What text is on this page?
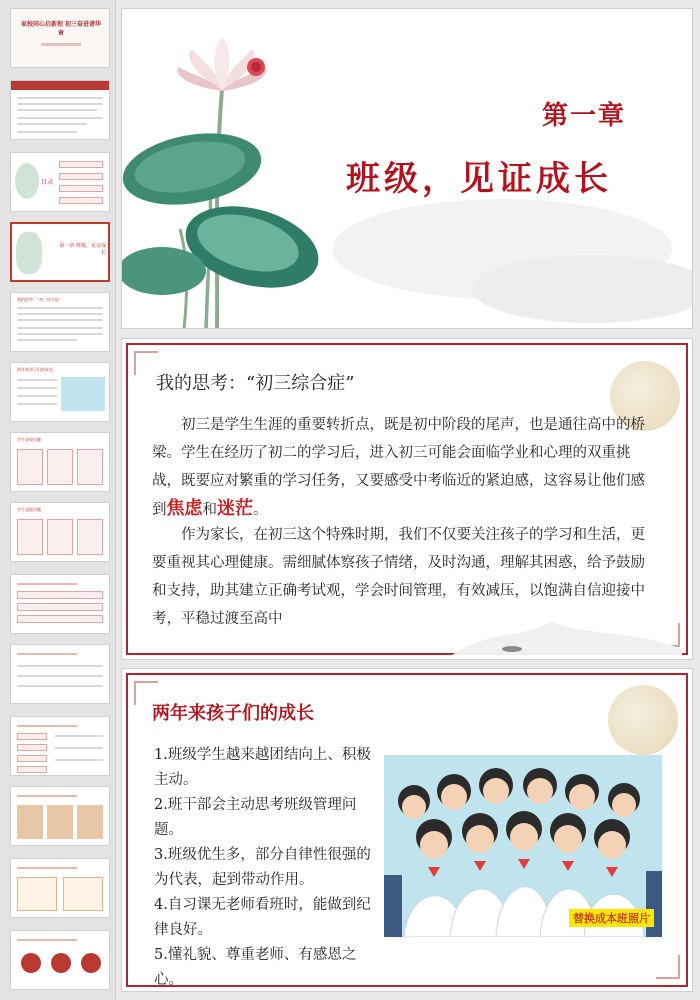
家校同心启新程 初三奋进谱华章
目录
第一章 班级，见证成长
我的思考：“初三综合症”
两年来孩子们的成长
学生表现问题
学生表现问题
第一章
班级，见证成长
我的思考：“初三综合症”
初三是学生生涯的重要转折点，既是初中阶段的尾声，也是通往高中的桥梁。学生在经历了初二的学习后，进入初三可能会面临学业和心理的双重挑战，既要应对繁重的学习任务，又要感受中考临近的紧迫感，这容易让他们感到焦虑和迷茫。
作为家长，在初三这个特殊时期，我们不仅要关注孩子的学习和生活，更要重视其心理健康。需细腻体察孩子情绪，及时沟通，理解其困惑，给予鼓励和支持，助其建立正确考试观，学会时间管理，有效减压，以饱满自信迎接中考，平稳过渡至高中
两年来孩子们的成长
1.班级学生越来越团结向上、积极主动。
2.班干部会主动思考班级管理问题。
3.班级优生多，部分自律性很强的为代表，起到带动作用。
4.自习课无老师看班时，能做到纪律良好。
5.懂礼貌、尊重老师、有感恩之心。
替换成本班照片
